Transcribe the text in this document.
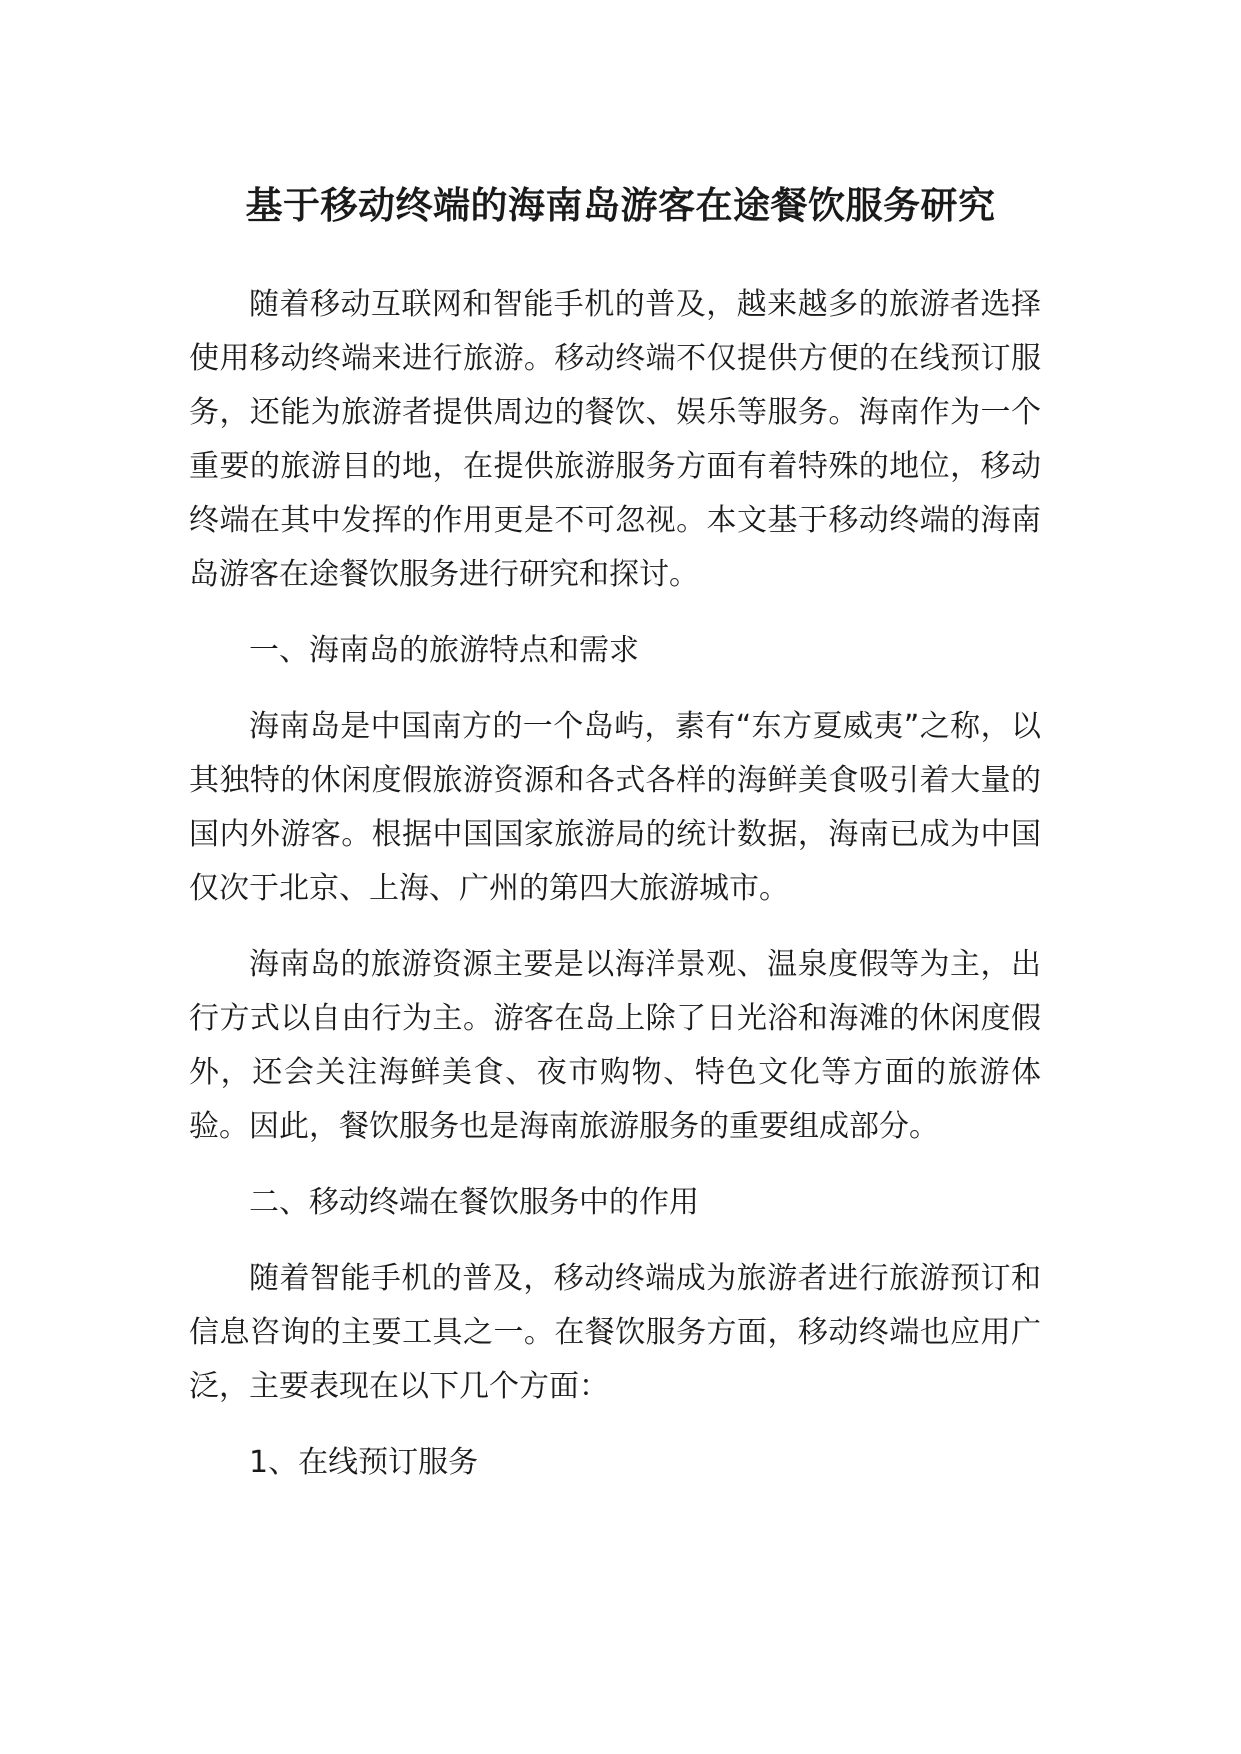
基于移动终端的海南岛游客在途餐饮服务研究

随着移动互联网和智能手机的普及，越来越多的旅游者选择使用移动终端来进行旅游。移动终端不仅提供方便的在线预订服务，还能为旅游者提供周边的餐饮、娱乐等服务。海南作为一个重要的旅游目的地，在提供旅游服务方面有着特殊的地位，移动终端在其中发挥的作用更是不可忽视。本文基于移动终端的海南岛游客在途餐饮服务进行研究和探讨。

一、海南岛的旅游特点和需求

海南岛是中国南方的一个岛屿，素有“东方夏威夷”之称，以其独特的休闲度假旅游资源和各式各样的海鲜美食吸引着大量的国内外游客。根据中国国家旅游局的统计数据，海南已成为中国仅次于北京、上海、广州的第四大旅游城市。

海南岛的旅游资源主要是以海洋景观、温泉度假等为主，出行方式以自由行为主。游客在岛上除了日光浴和海滩的休闲度假外，还会关注海鲜美食、夜市购物、特色文化等方面的旅游体验。因此，餐饮服务也是海南旅游服务的重要组成部分。

二、移动终端在餐饮服务中的作用

随着智能手机的普及，移动终端成为旅游者进行旅游预订和信息咨询的主要工具之一。在餐饮服务方面，移动终端也应用广泛，主要表现在以下几个方面：

1、在线预订服务
